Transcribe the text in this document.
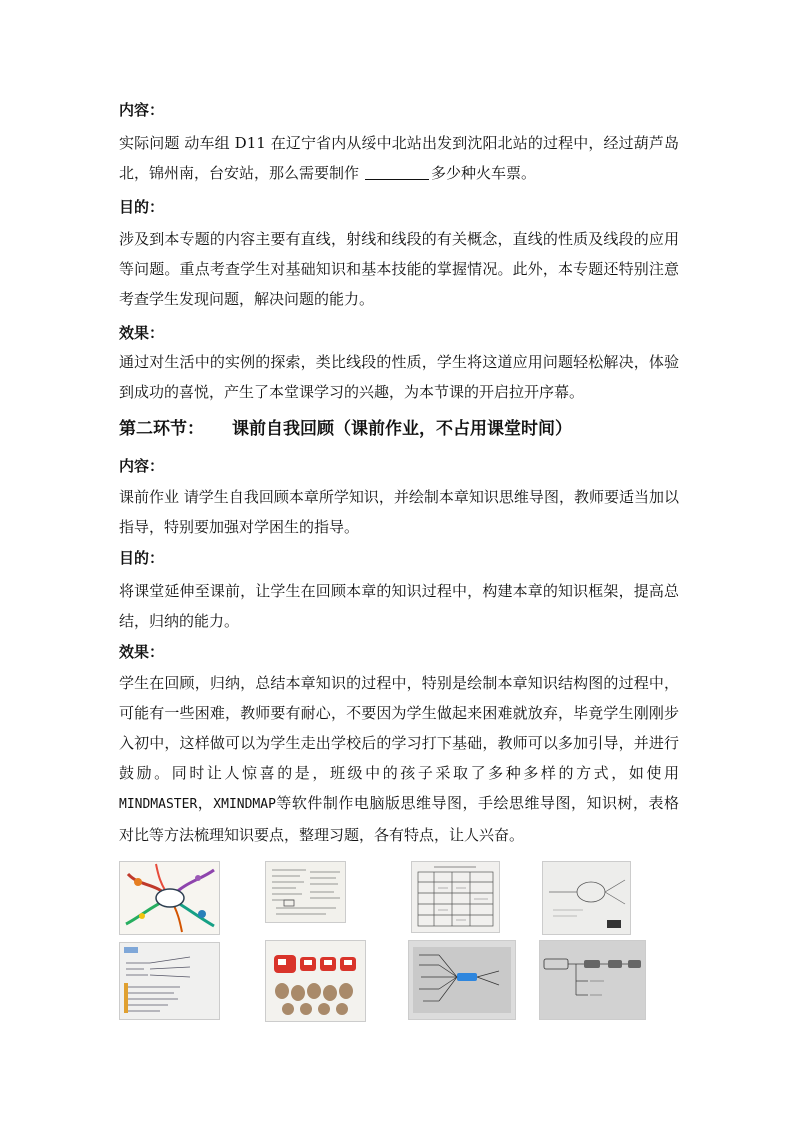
内容：

实际问题 动车组 D11 在辽宁省内从绥中北站出发到沈阳北站的过程中，经过葫芦岛北，锦州南，台安站，那么需要制作	多少种火车票。

目的：

涉及到本专题的内容主要有直线，射线和线段的有关概念，直线的性质及线段的应用等问题。重点考查学生对基础知识和基本技能的掌握情况。此外，本专题还特别注意考查学生发现问题，解决问题的能力。

效果：

通过对生活中的实例的探索，类比线段的性质，学生将这道应用问题轻松解决，体验到成功的喜悦，产生了本堂课学习的兴趣，为本节课的开启拉开序幕。

第二环节： 课前自我回顾（课前作业，不占用课堂时间）

内容：

课前作业 请学生自我回顾本章所学知识，并绘制本章知识思维导图，教师要适当加以指导，特别要加强对学困生的指导。

目的：

将课堂延伸至课前，让学生在回顾本章的知识过程中，构建本章的知识框架，提高总结，归纳的能力。

效果：

学生在回顾，归纳，总结本章知识的过程中，特别是绘制本章知识结构图的过程中，可能有一些困难，教师要有耐心，不要因为学生做起来困难就放弃，毕竟学生刚刚步入初中，这样做可以为学生走出学校后的学习打下基础，教师可以多加引导，并进行鼓励。同时让人惊喜的是，班级中的孩子采取了多种多样的方式，如使用MINDMASTER，XMINDMAP等软件制作电脑版思维导图，手绘思维导图，知识树，表格对比等方法梳理知识要点，整理习题，各有特点，让人兴奋。
